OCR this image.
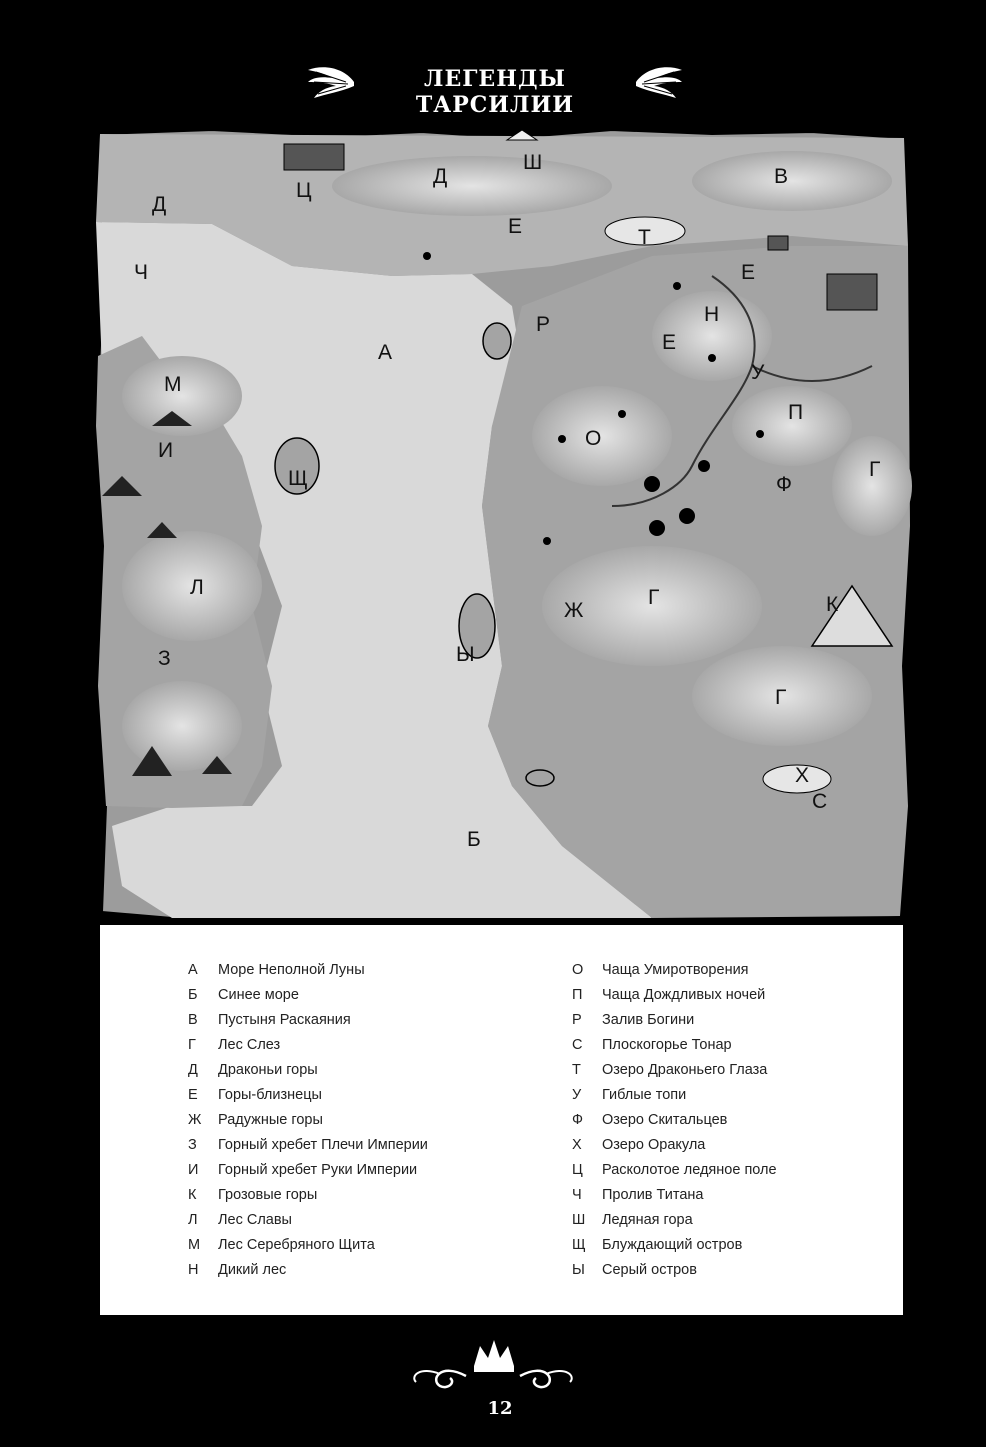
ЛЕГЕНДЫ ТАРСИЛИИ
А
Б
В
Г
Г
Г
Д
Д
Е
Е
Е
Ж
З
И
К
Л
М
Н
О
П
Р
С
Т
У
Ф
Х
Ц
Ч
Ш
Щ
Ы
А Море Неполной Луны
Б Синее море
В Пустыня Раскаяния
Г Лес Слез
Д Драконьи горы
Е Горы-близнецы
Ж Радужные горы
З Горный хребет Плечи Империи
И Горный хребет Руки Империи
К Грозовые горы
Л Лес Славы
М Лес Серебряного Щита
Н Дикий лес
О Чаща Умиротворения
П Чаща Дождливых ночей
Р Залив Богини
С Плоскогорье Тонар
Т Озеро Драконьего Глаза
У Гиблые топи
Ф Озеро Скитальцев
Х Озеро Оракула
Ц Расколотое ледяное поле
Ч Пролив Титана
Ш Ледяная гора
Щ Блуждающий остров
Ы Серый остров
12
